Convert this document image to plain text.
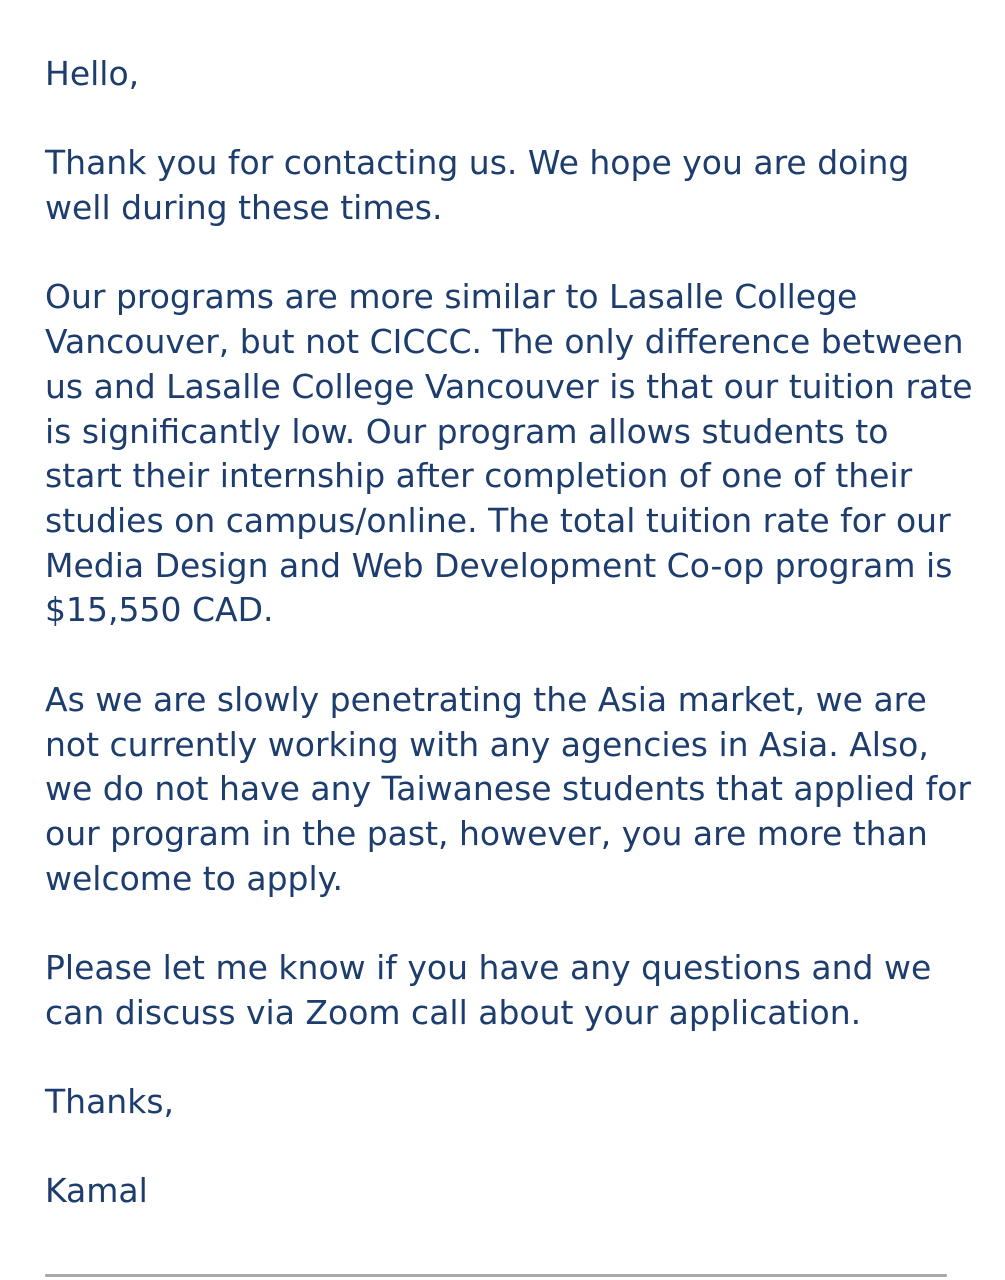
Hello,

Thank you for contacting us. We hope you are doing well during these times.

Our programs are more similar to Lasalle College Vancouver, but not CICCC. The only difference between us and Lasalle College Vancouver is that our tuition rate is significantly low. Our program allows students to start their internship after completion of one of their studies on campus/online. The total tuition rate for our Media Design and Web Development Co-op program is $15,550 CAD.

As we are slowly penetrating the Asia market, we are not currently working with any agencies in Asia. Also, we do not have any Taiwanese students that applied for our program in the past, however, you are more than welcome to apply.

Please let me know if you have any questions and we can discuss via Zoom call about your application.

Thanks,

Kamal
